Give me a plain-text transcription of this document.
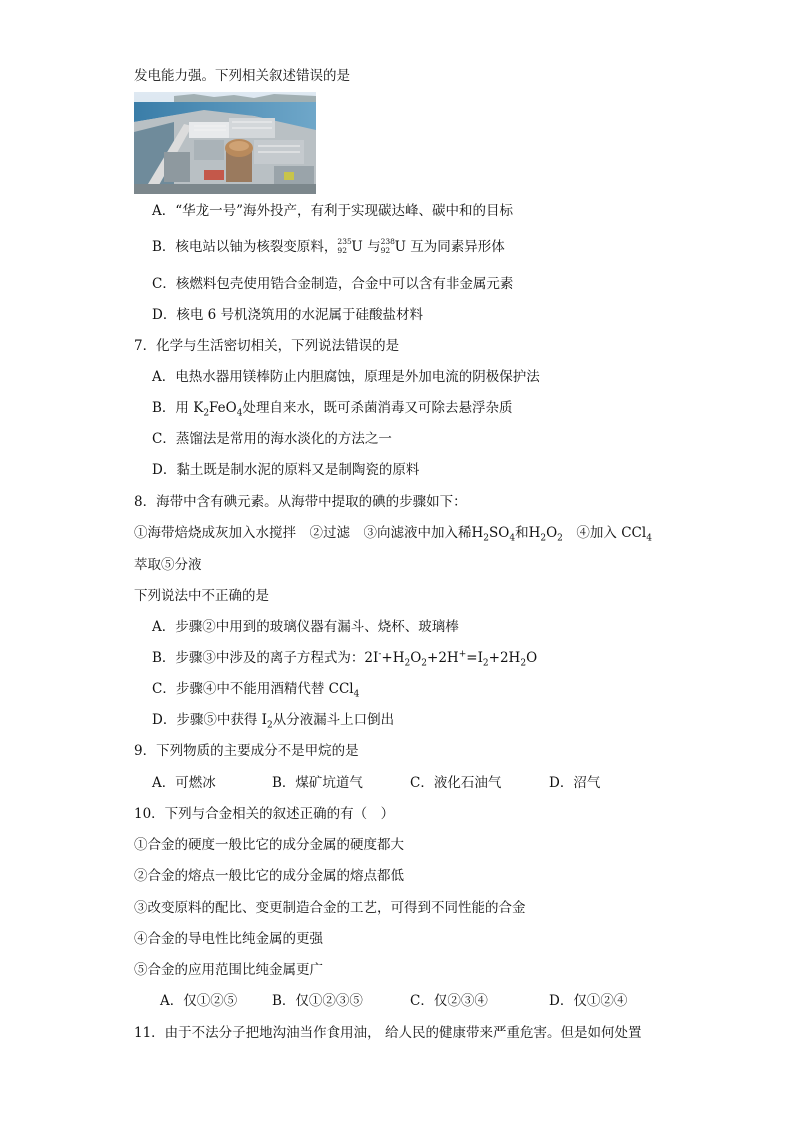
发电能力强。下列相关叙述错误的是
A．“华龙一号”海外投产，有利于实现碳达峰、碳中和的目标
B．核电站以铀为核裂变原料， 235
92 U 与 238
92 U 互为同素异形体
C．核燃料包壳使用锆合金制造，合金中可以含有非金属元素
D．核电 6 号机浇筑用的水泥属于硅酸盐材料
7．化学与生活密切相关，下列说法错误的是
A．电热水器用镁棒防止内胆腐蚀，原理是外加电流的阴极保护法
B．用 $K_2FeO_4$处理自来水，既可杀菌消毒又可除去悬浮杂质
C．蒸馏法是常用的海水淡化的方法之一
D．黏土既是制水泥的原料又是制陶瓷的原料
8．海带中含有碘元素。从海带中提取的碘的步骤如下：
①海带焙烧成灰加入水搅拌　②过滤　③向滤液中加入稀$H_2SO_4$和$H_2O_2$　④加入 CCl$_4$
萃取⑤分液
下列说法中不正确的是
A．步骤②中用到的玻璃仪器有漏斗、烧杯、玻璃棒
B．步骤③中涉及的离子方程式为：$2I^-+H_2O_2+2H^+=I_2+2H_2O$
C．步骤④中不能用酒精代替 CCl$_4$
D．步骤⑤中获得 $I_2$从分液漏斗上口倒出
9．下列物质的主要成分不是甲烷的是
A．可燃冰	B．煤矿坑道气	C．液化石油气	D．沼气
10．下列与合金相关的叙述正确的有（　）
①合金的硬度一般比它的成分金属的硬度都大
②合金的熔点一般比它的成分金属的熔点都低
③改变原料的配比、变更制造合金的工艺，可得到不同性能的合金
④合金的导电性比纯金属的更强
⑤合金的应用范围比纯金属更广
A．仅①②⑤	B．仅①②③⑤	C．仅②③④	D．仅①②④
11．由于不法分子把地沟油当作食用油， 给人民的健康带来严重危害。但是如何处置
